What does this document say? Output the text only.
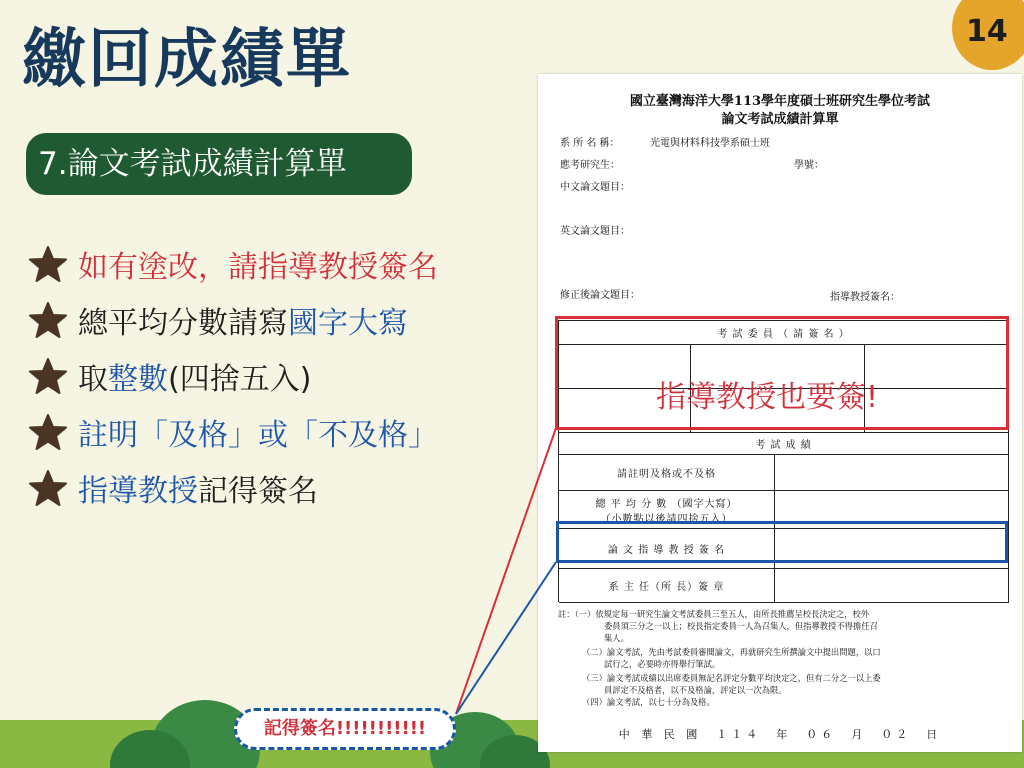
繳回成績單	14
7.論文考試成績計算單
如有塗改，請指導教授簽名
總平均分數請寫 國字大寫
取 整數 (四捨五入)
註明「及格」或「不及格」
指導教授 記得簽名
國立臺灣海洋大學113學年度碩士班研究生學位考試
論文考試成績計算單
系 所 名 稱：	光電與材料科技學系碩士班
應考研究生：	學號：
中文論文題目：
英文論文題目：
修正後論文題目：	指導教授簽名：
考 試 委 員 （ 請 簽 名 ）
考 試 成 績
請註明及格或不及格
總 平 均 分 數 （國字大寫）
（小數點以後請四捨五入）
論 文 指 導 教 授 簽 名
系 主 任（所 長）簽 章
註：（一）依規定每一研究生論文考試委員三至五人，由所長推薦呈校長決定之，校外
委員須三分之一以上；校長指定委員一人為召集人，但指導教授不得擔任召
集人。
（二）論文考試，先由考試委員審閱論文，再就研究生所撰論文中提出問題，以口
試行之，必要時亦得舉行筆試。
（三）論文考試成績以出席委員無記名評定分數平均決定之，但有二分之一以上委
員評定不及格者，以不及格論，評定以一次為限。
（四）論文考試，以七十分為及格。
中 華 民 國　１１４　年　０６　月　０２　日
指導教授也要簽!
記得簽名!!!!!!!!!!!
